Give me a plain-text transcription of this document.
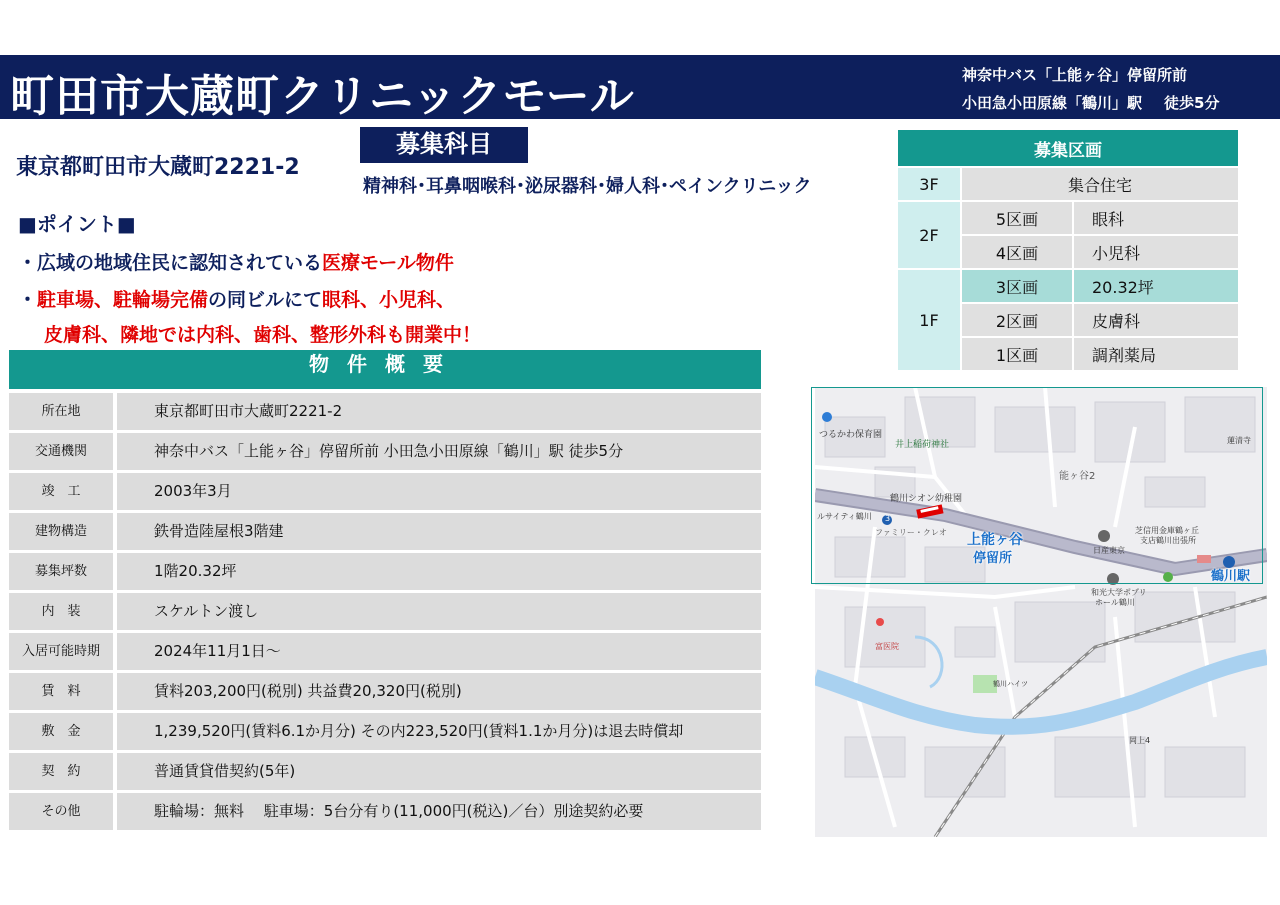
町田市大蔵町クリニックモール	神奈中バス「上能ヶ谷」停留所前
小田急小田原線「鶴川」駅 徒歩5分
東京都町田市大蔵町2221-2
募集科目
精神科･耳鼻咽喉科･泌尿器科･婦人科･ペインクリニック
■ポイント■
・広域の地域住民に認知されている医療モール物件
・駐車場、駐輪場完備の同ビルにて眼科、小児科、
皮膚科、隣地では内科、歯科、整形外科も開業中！
物件概要
所在地		東京都町田市大蔵町2221-2
交通機関		神奈中バス「上能ヶ谷」停留所前 小田急小田原線「鶴川」駅 徒歩5分
竣　工		2003年3月
建物構造		鉄骨造陸屋根3階建
募集坪数		1階20.32坪
内　装		スケルトン渡し
入居可能時期		2024年11月1日～
賃　料		賃料203,200円(税別) 共益費20,320円(税別)
敷　金		1,239,520円(賃料6.1か月分) その内223,520円(賃料1.1か月分)は退去時償却
契　約		普通賃貸借契約(5年)
その他		駐輪場：無料　 駐車場：5台分有り(11,000円(税込)／台）別途契約必要
募集区画		
3F	集合住宅	
2F	5区画	眼科
	4区画	小児科
1F	3区画	20.32坪
	2区画	皮膚科
	1区画	調剤薬局
つるかわ保育園
井上稲荷神社
鶴川シオン幼稚園
能ヶ谷2
ファミリー・クレオ
日産東京
芝信用金庫鶴ヶ丘
支店鶴川出張所
和光大学ポプリ
ホール鶴川
鶴川ハイツ
岡上4
富医院
蓮清寺
ルサイティ鶴川 3
上能ヶ谷
停留所
鶴川駅
